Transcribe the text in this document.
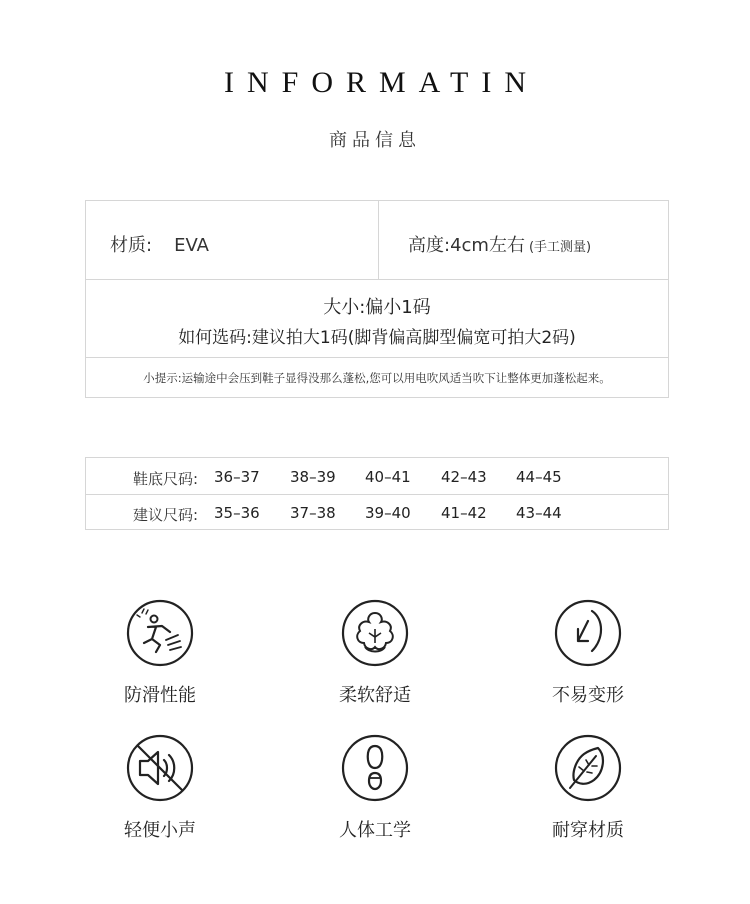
INFORMATIN
商品信息
材质: EVA	高度:4cm左右 (手工测量)
大小:偏小1码
如何选码:建议拍大1码(脚背偏高脚型偏宽可拍大2码)
小提示:运输途中会压到鞋子显得没那么蓬松,您可以用电吹风适当吹下让整体更加蓬松起来。
鞋底尺码: 36–37 38–39 40–41 42–43 44–45
建议尺码: 35–36 37–38 39–40 41–42 43–44
防滑性能	柔软舒适	不易变形
轻便小声	人体工学	耐穿材质
